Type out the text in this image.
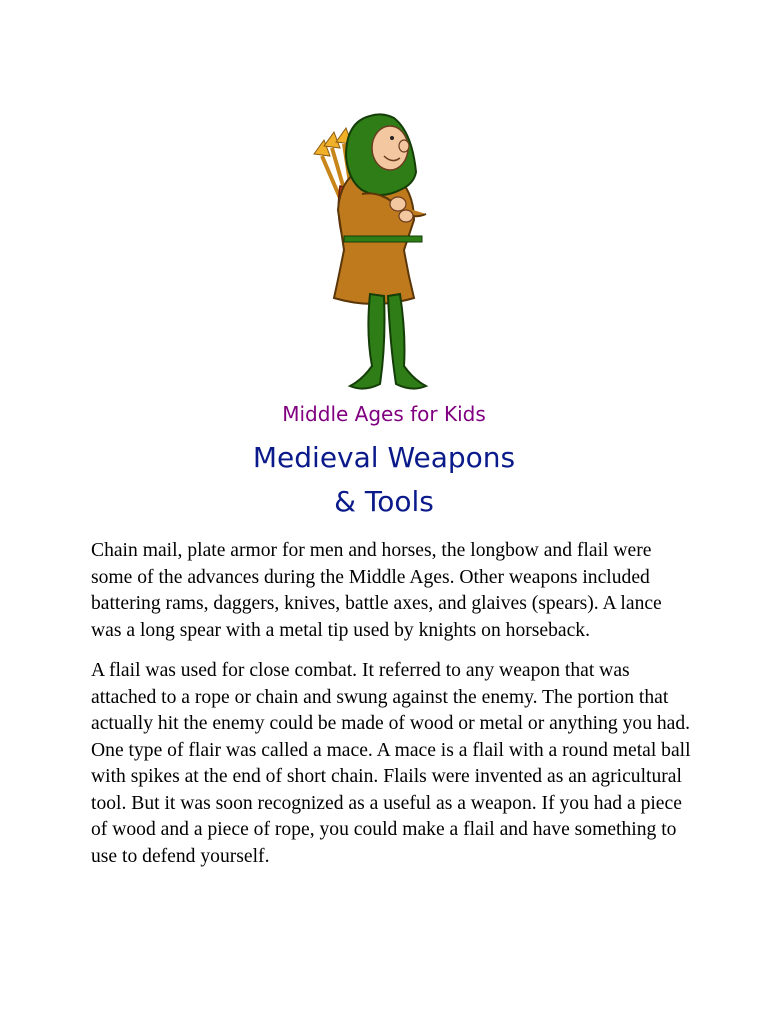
Middle Ages for Kids
Medieval Weapons
& Tools

Chain mail, plate armor for men and horses, the longbow and flail were some of the advances during the Middle Ages. Other weapons included battering rams, daggers, knives, battle axes, and glaives (spears). A lance was a long spear with a metal tip used by knights on horseback.

A flail was used for close combat. It referred to any weapon that was attached to a rope or chain and swung against the enemy. The portion that actually hit the enemy could be made of wood or metal or anything you had. One type of flair was called a mace. A mace is a flail with a round metal ball with spikes at the end of short chain. Flails were invented as an agricultural tool. But it was soon recognized as a useful as a weapon. If you had a piece of wood and a piece of rope, you could make a flail and have something to use to defend yourself.
